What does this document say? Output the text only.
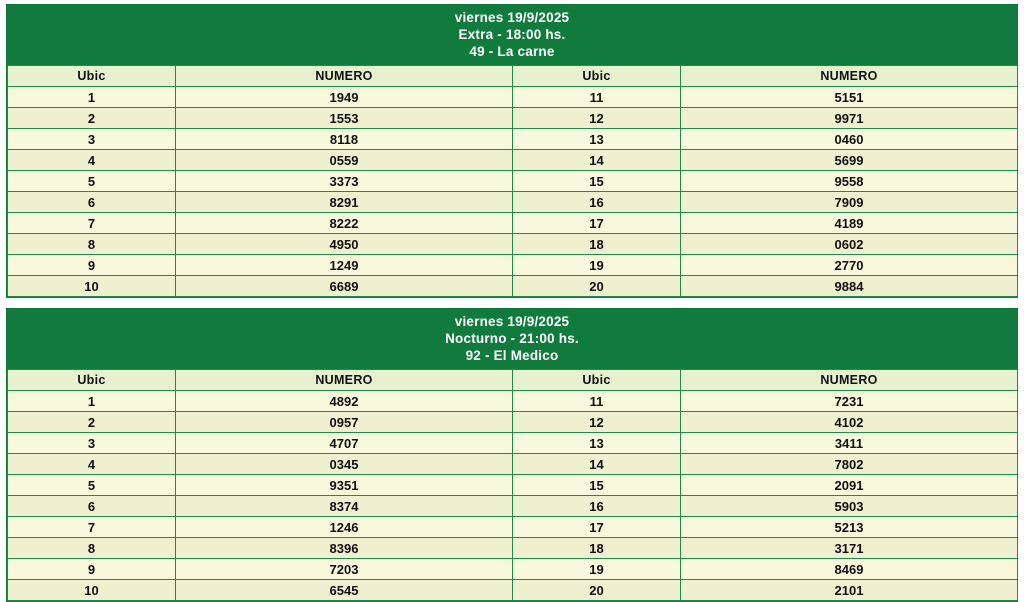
viernes 19/9/2025
Extra - 18:00 hs.
49 - La carne
Ubic	NUMERO	Ubic	NUMERO
1	1949	11	5151
2	1553	12	9971
3	8118	13	0460
4	0559	14	5699
5	3373	15	9558
6	8291	16	7909
7	8222	17	4189
8	4950	18	0602
9	1249	19	2770
10	6689	20	9884
viernes 19/9/2025
Nocturno - 21:00 hs.
92 - El Medico
Ubic	NUMERO	Ubic	NUMERO
1	4892	11	7231
2	0957	12	4102
3	4707	13	3411
4	0345	14	7802
5	9351	15	2091
6	8374	16	5903
7	1246	17	5213
8	8396	18	3171
9	7203	19	8469
10	6545	20	2101
